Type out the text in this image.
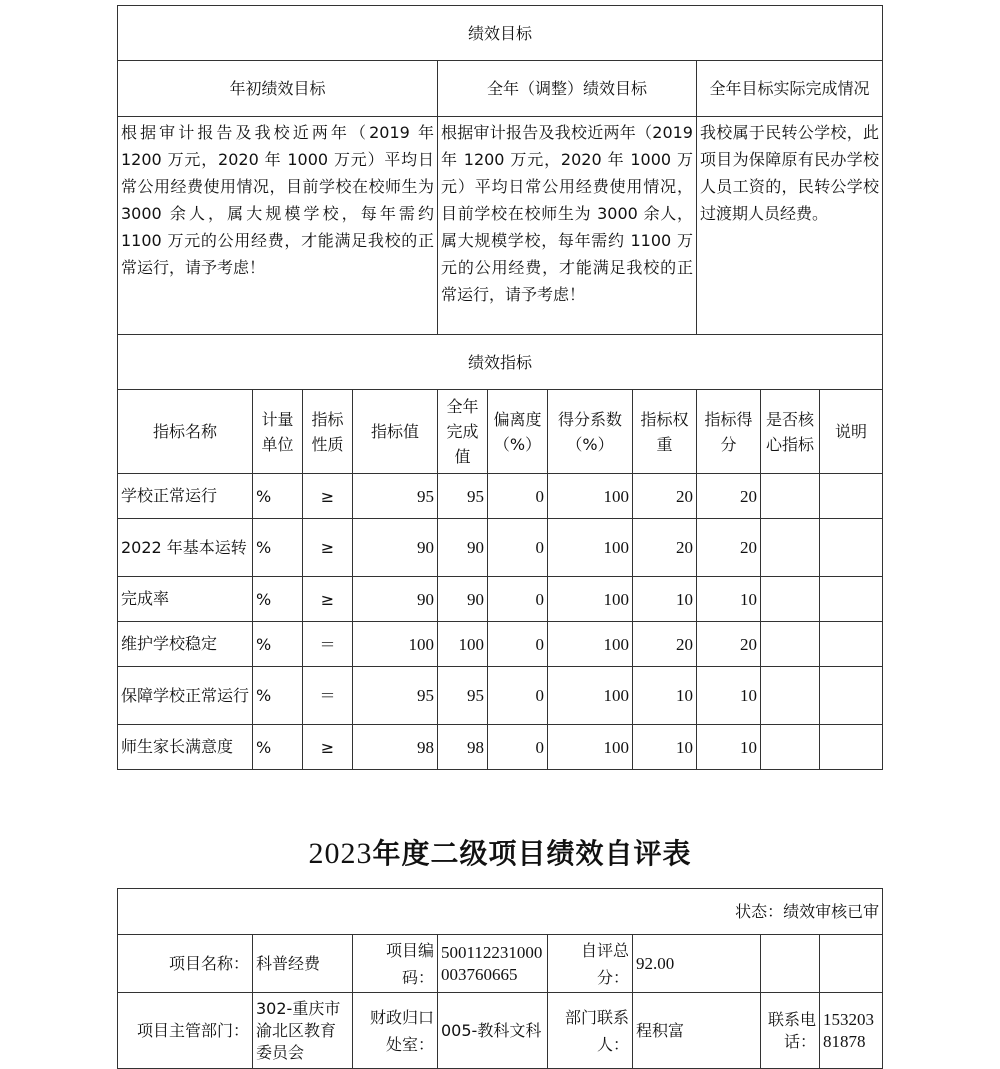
绩效目标										
年初绩效目标				全年（调整）绩效目标				全年目标实际完成情况		
根据审计报告及我校近两年（2019 年 1200 万元，2020 年 1000 万元）平均日常公用经费使用情况，目前学校在校师生为 3000 余人，属大规模学校，每年需约 1100 万元的公用经费，才能满足我校的正常运行，请予考虑！				根据审计报告及我校近两年（2019 年 1200 万元，2020 年 1000 万元）平均日常公用经费使用情况，目前学校在校师生为 3000 余人，属大规模学校，每年需约 1100 万元的公用经费，才能满足我校的正常运行，请予考虑！				我校属于民转公学校，此项目为保障原有民办学校人员工资的，民转公学校过渡期人员经费。		
绩效指标										
指标名称	计量单位	指标性质	指标值	全年完成值	偏离度（%）	得分系数（%）	指标权重	指标得分	是否核心指标	说明
学校正常运行	%	≥	95	95	0	100	20	20		
2022 年基本运转	%	≥	90	90	0	100	20	20		
完成率	%	≥	90	90	0	100	10	10		
维护学校稳定	%	＝	100	100	0	100	20	20		
保障学校正常运行	%	＝	95	95	0	100	10	10		
师生家长满意度	%	≥	98	98	0	100	10	10		
2023年度二级项目绩效自评表
状态：绩效审核已审							
项目名称：	科普经费	项目编码：	500112231000003760665	自评总分：	92.00		
项目主管部门：	302-重庆市渝北区教育委员会	财政归口处室：	005-教科文科	部门联系人：	程积富	联系电话：	15320381878
